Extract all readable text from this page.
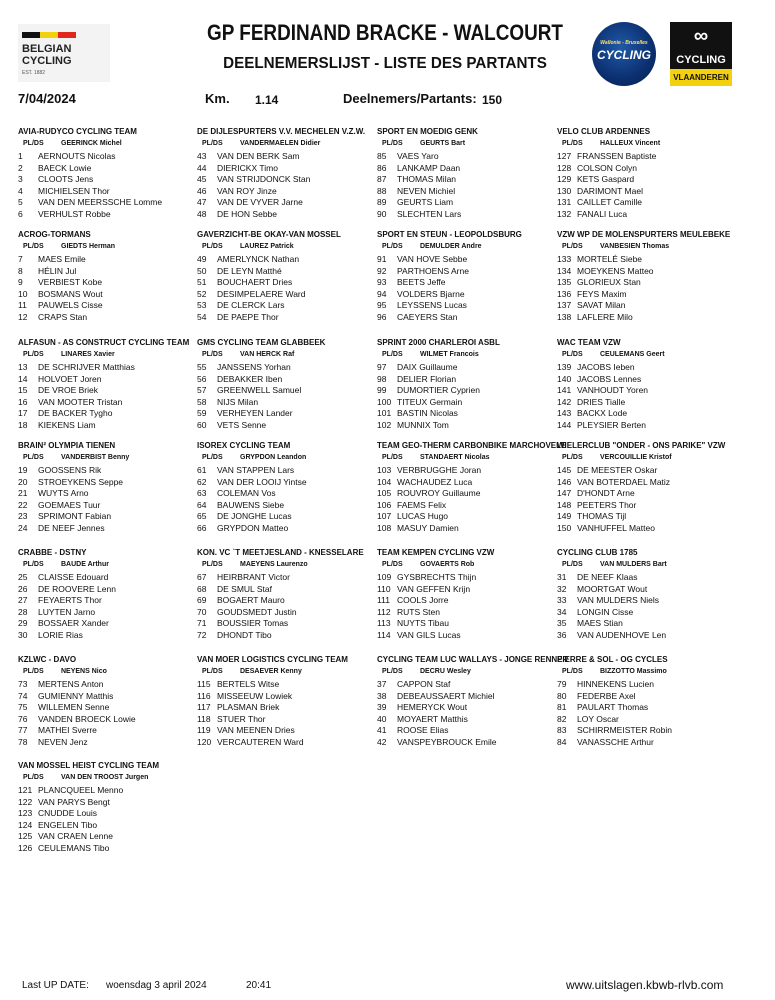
BELGIAN
CYCLING
EST. 1882
Wallonie - Bruxelles
CYCLING
∞
CYCLING
VLAANDEREN
GP FERDINAND BRACKE - WALCOURT
DEELNEMERSLIJST - LISTE DES PARTANTS
7/04/2024	Km. 1.14	Deelnemers/Partants: 150
AVIA-RUDYCO CYCLING TEAM
PL/DS GEERINCK Michel
1 AERNOUTS Nicolas
2 BAECK Lowie
3 CLOOTS Jens
4 MICHIELSEN Thor
5 VAN DEN MEERSSCHE Lomme
6 VERHULST Robbe
DE DIJLESPURTERS V.V. MECHELEN V.Z.W.
PL/DS VANDERMAELEN Didier
43 VAN DEN BERK Sam
44 DIERICKX Timo
45 VAN STRIJDONCK Stan
46 VAN ROY Jinze
47 VAN DE VYVER Jarne
48 DE HON Sebbe
SPORT EN MOEDIG GENK
PL/DS GEURTS Bart
85 VAES Yaro
86 LANKAMP Daan
87 THOMAS Milan
88 NEVEN Michiel
89 GEURTS Liam
90 SLECHTEN Lars
VELO CLUB ARDENNES
PL/DS HALLEUX Vincent
127 FRANSSEN Baptiste
128 COLSON Colyn
129 KETS Gaspard
130 DARIMONT Mael
131 CAILLET Camille
132 FANALI Luca
ACROG-TORMANS
PL/DS GIEDTS Herman
7 MAES Emile
8 HÉLIN Jul
9 VERBIEST Kobe
10 BOSMANS Wout
11 PAUWELS Cisse
12 CRAPS Stan
GAVERZICHT-BE OKAY-VAN MOSSEL
PL/DS LAUREZ Patrick
49 AMERLYNCK Nathan
50 DE LEYN Matthé
51 BOUCHAERT Dries
52 DESIMPELAERE Ward
53 DE CLERCK Lars
54 DE PAEPE Thor
SPORT EN STEUN - LEOPOLDSBURG
PL/DS DEMULDER Andre
91 VAN HOVE Sebbe
92 PARTHOENS Arne
93 BEETS Jeffe
94 VOLDERS Bjarne
95 LEYSSENS Lucas
96 CAEYERS Stan
VZW WP DE MOLENSPURTERS MEULEBEKE
PL/DS VANBESIEN Thomas
133 MORTELÉ Siebe
134 MOEYKENS Matteo
135 GLORIEUX Stan
136 FEYS Maxim
137 SAVAT Milan
138 LAFLERE Milo
ALFASUN - AS CONSTRUCT CYCLING TEAM
PL/DS LINARES Xavier
13 DE SCHRIJVER Matthias
14 HOLVOET Joren
15 DE VROE Briek
16 VAN MOOTER Tristan
17 DE BACKER Tygho
18 KIEKENS Liam
GMS CYCLING TEAM GLABBEEK
PL/DS VAN HERCK Raf
55 JANSSENS Yorhan
56 DEBAKKER Iben
57 GREENWELL Samuel
58 NIJS Milan
59 VERHEYEN Lander
60 VETS Senne
SPRINT 2000 CHARLEROI ASBL
PL/DS WILMET Francois
97 DAIX Guillaume
98 DELIER Florian
99 DUMORTIER Cyprien
100 TITEUX Germain
101 BASTIN Nicolas
102 MUNNIX Tom
WAC TEAM VZW
PL/DS CEULEMANS Geert
139 JACOBS Ieben
140 JACOBS Lennes
141 VANHOUDT Yoren
142 DRIES Tialle
143 BACKX Lode
144 PLEYSIER Berten
BRAIN² OLYMPIA TIENEN
PL/DS VANDERBIST Benny
19 GOOSSENS Rik
20 STROEYKENS Seppe
21 WUYTS Arno
22 GOEMAES Tuur
23 SPRIMONT Fabian
24 DE NEEF Jennes
ISOREX CYCLING TEAM
PL/DS GRYPDON Leandon
61 VAN STAPPEN Lars
62 VAN DER LOOIJ Yintse
63 COLEMAN Vos
64 BAUWENS Siebe
65 DE JONGHE Lucas
66 GRYPDON Matteo
TEAM GEO-THERM CARBONBIKE MARCHOVELE
PL/DS STANDAERT Nicolas
103 VERBRUGGHE Joran
104 WACHAUDEZ Luca
105 ROUVROY Guillaume
106 FAEMS Felix
107 LUCAS Hugo
108 MASUY Damien
WIELERCLUB "ONDER - ONS PARIKE" VZW
PL/DS VERCOUILLIE Kristof
145 DE MEESTER Oskar
146 VAN BOTERDAEL Matiz
147 D'HONDT Arne
148 PEETERS Thor
149 THOMAS Tijl
150 VANHUFFEL Matteo
CRABBE - DSTNY
PL/DS BAUDE Arthur
25 CLAISSE Edouard
26 DE ROOVERE Lenn
27 FEYAERTS Thor
28 LUYTEN Jarno
29 BOSSAER Xander
30 LORIE Rias
KON. VC `T MEETJESLAND - KNESSELARE
PL/DS MAEYENS Laurenzo
67 HEIRBRANT Victor
68 DE SMUL Staf
69 BOGAERT Mauro
70 GOUDSMEDT Justin
71 BOUSSIER Tomas
72 DHONDT Tibo
TEAM KEMPEN CYCLING VZW
PL/DS GOVAERTS Rob
109 GYSBRECHTS Thijn
110 VAN GEFFEN Krijn
111 COOLS Jorre
112 RUTS Sten
113 NUYTS Tibau
114 VAN GILS Lucas
CYCLING CLUB 1785
PL/DS VAN MULDERS Bart
31 DE NEEF Klaas
32 MOORTGAT Wout
33 VAN MULDERS Niels
34 LONGIN Cisse
35 MAES Stian
36 VAN AUDENHOVE Len
KZLWC - DAVO
PL/DS NEYENS Nico
73 MERTENS Anton
74 GUMIENNY Matthis
75 WILLEMEN Senne
76 VANDEN BROECK Lowie
77 MATHEI Sverre
78 NEVEN Jenz
VAN MOER LOGISTICS CYCLING TEAM
PL/DS DESAEVER Kenny
115 BERTELS Witse
116 MISSEEUW Lowiek
117 PLASMAN Briek
118 STUER Thor
119 VAN MEENEN Dries
120 VERCAUTEREN Ward
CYCLING TEAM LUC WALLAYS - JONGE RENNER
PL/DS DECRU Wesley
37 CAPPON Staf
38 DEBEAUSSAERT Michiel
39 HEMERYCK Wout
40 MOYAERT Matthis
41 ROOSE Elias
42 VANSPEYBROUCK Emile
PIERRE & SOL - OG CYCLES
PL/DS BIZZOTTO Massimo
79 HINNEKENS Lucien
80 FEDERBE Axel
81 PAULART Thomas
82 LOY Oscar
83 SCHIRRMEISTER Robin
84 VANASSCHE Arthur
VAN MOSSEL HEIST CYCLING TEAM
PL/DS VAN DEN TROOST Jurgen
121 PLANCQUEEL Menno
122 VAN PARYS Bengt
123 CNUDDE Louis
124 ENGELEN Tibo
125 VAN CRAEN Lenne
126 CEULEMANS Tibo
Last UP DATE: woensdag 3 april 2024	20:41	www.uitslagen.kbwb-rlvb.com
